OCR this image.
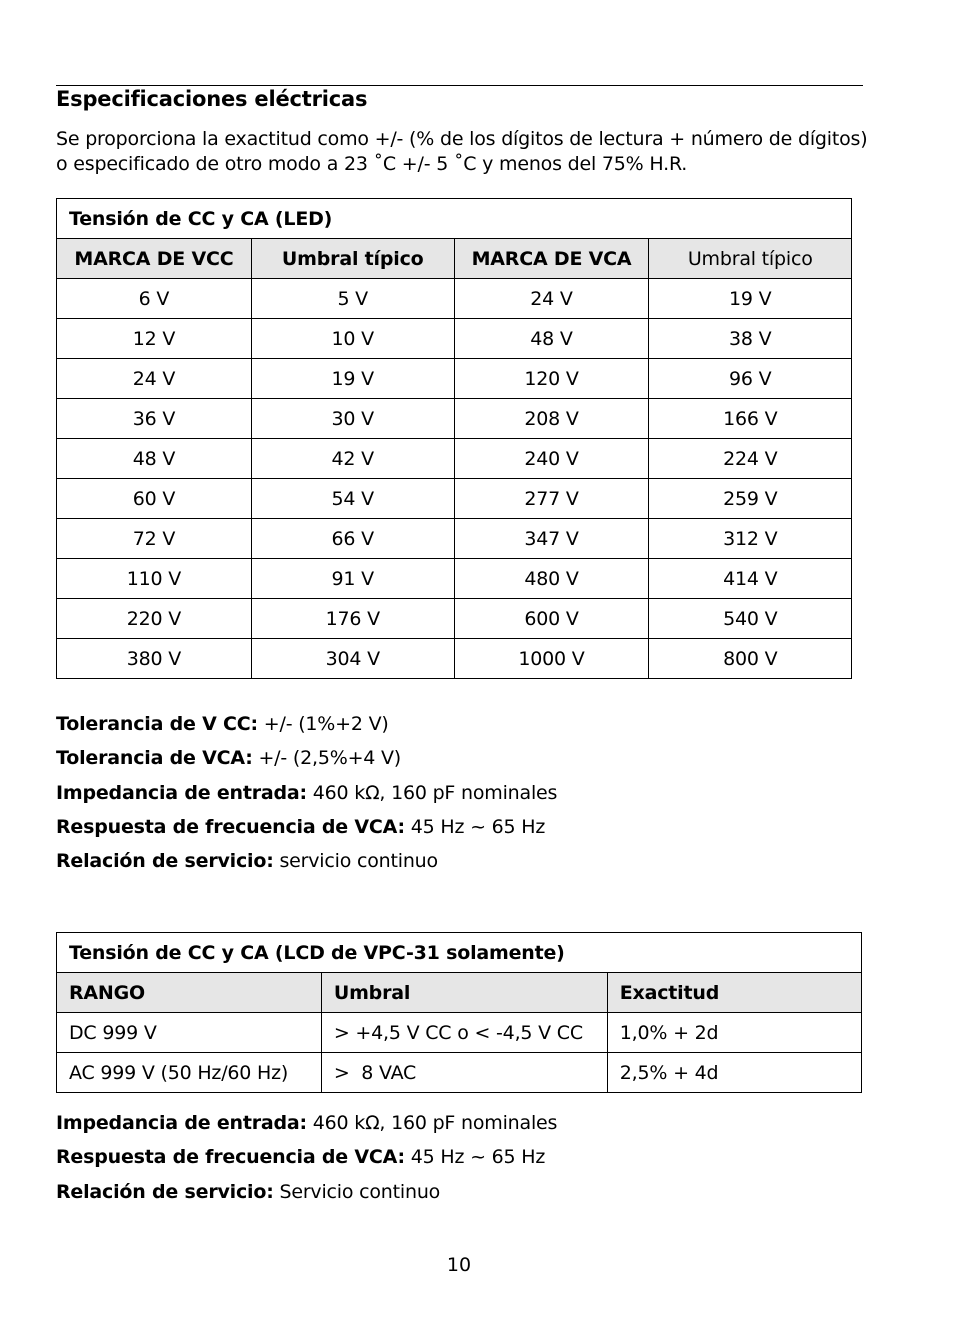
Especificaciones eléctricas
Se proporciona la exactitud como +/- (% de los dígitos de lectura + número de dígitos) o especificado de otro modo a 23 ˚C +/- 5 ˚C y menos del 75% H.R.
Tensión de CC y CA (LED)			
MARCA DE VCC	Umbral típico	MARCA DE VCA	Umbral típico
6 V	5 V	24 V	19 V
12 V	10 V	48 V	38 V
24 V	19 V	120 V	96 V
36 V	30 V	208 V	166 V
48 V	42 V	240 V	224 V
60 V	54 V	277 V	259 V
72 V	66 V	347 V	312 V
110 V	91 V	480 V	414 V
220 V	176 V	600 V	540 V
380 V	304 V	1000 V	800 V
Tolerancia de V CC: +/- (1%+2 V)
Tolerancia de VCA: +/- (2,5%+4 V)
Impedancia de entrada: 460 kΩ, 160 pF nominales
Respuesta de frecuencia de VCA: 45 Hz ~ 65 Hz
Relación de servicio: servicio continuo
Tensión de CC y CA (LCD de VPC-31 solamente)		
RANGO	Umbral	Exactitud
DC 999 V	> +4,5 V CC o < -4,5 V CC	1,0% + 2d
AC 999 V (50 Hz/60 Hz)	>  8 VAC	2,5% + 4d
Impedancia de entrada: 460 kΩ, 160 pF nominales
Respuesta de frecuencia de VCA: 45 Hz ~ 65 Hz
Relación de servicio: Servicio continuo
10
